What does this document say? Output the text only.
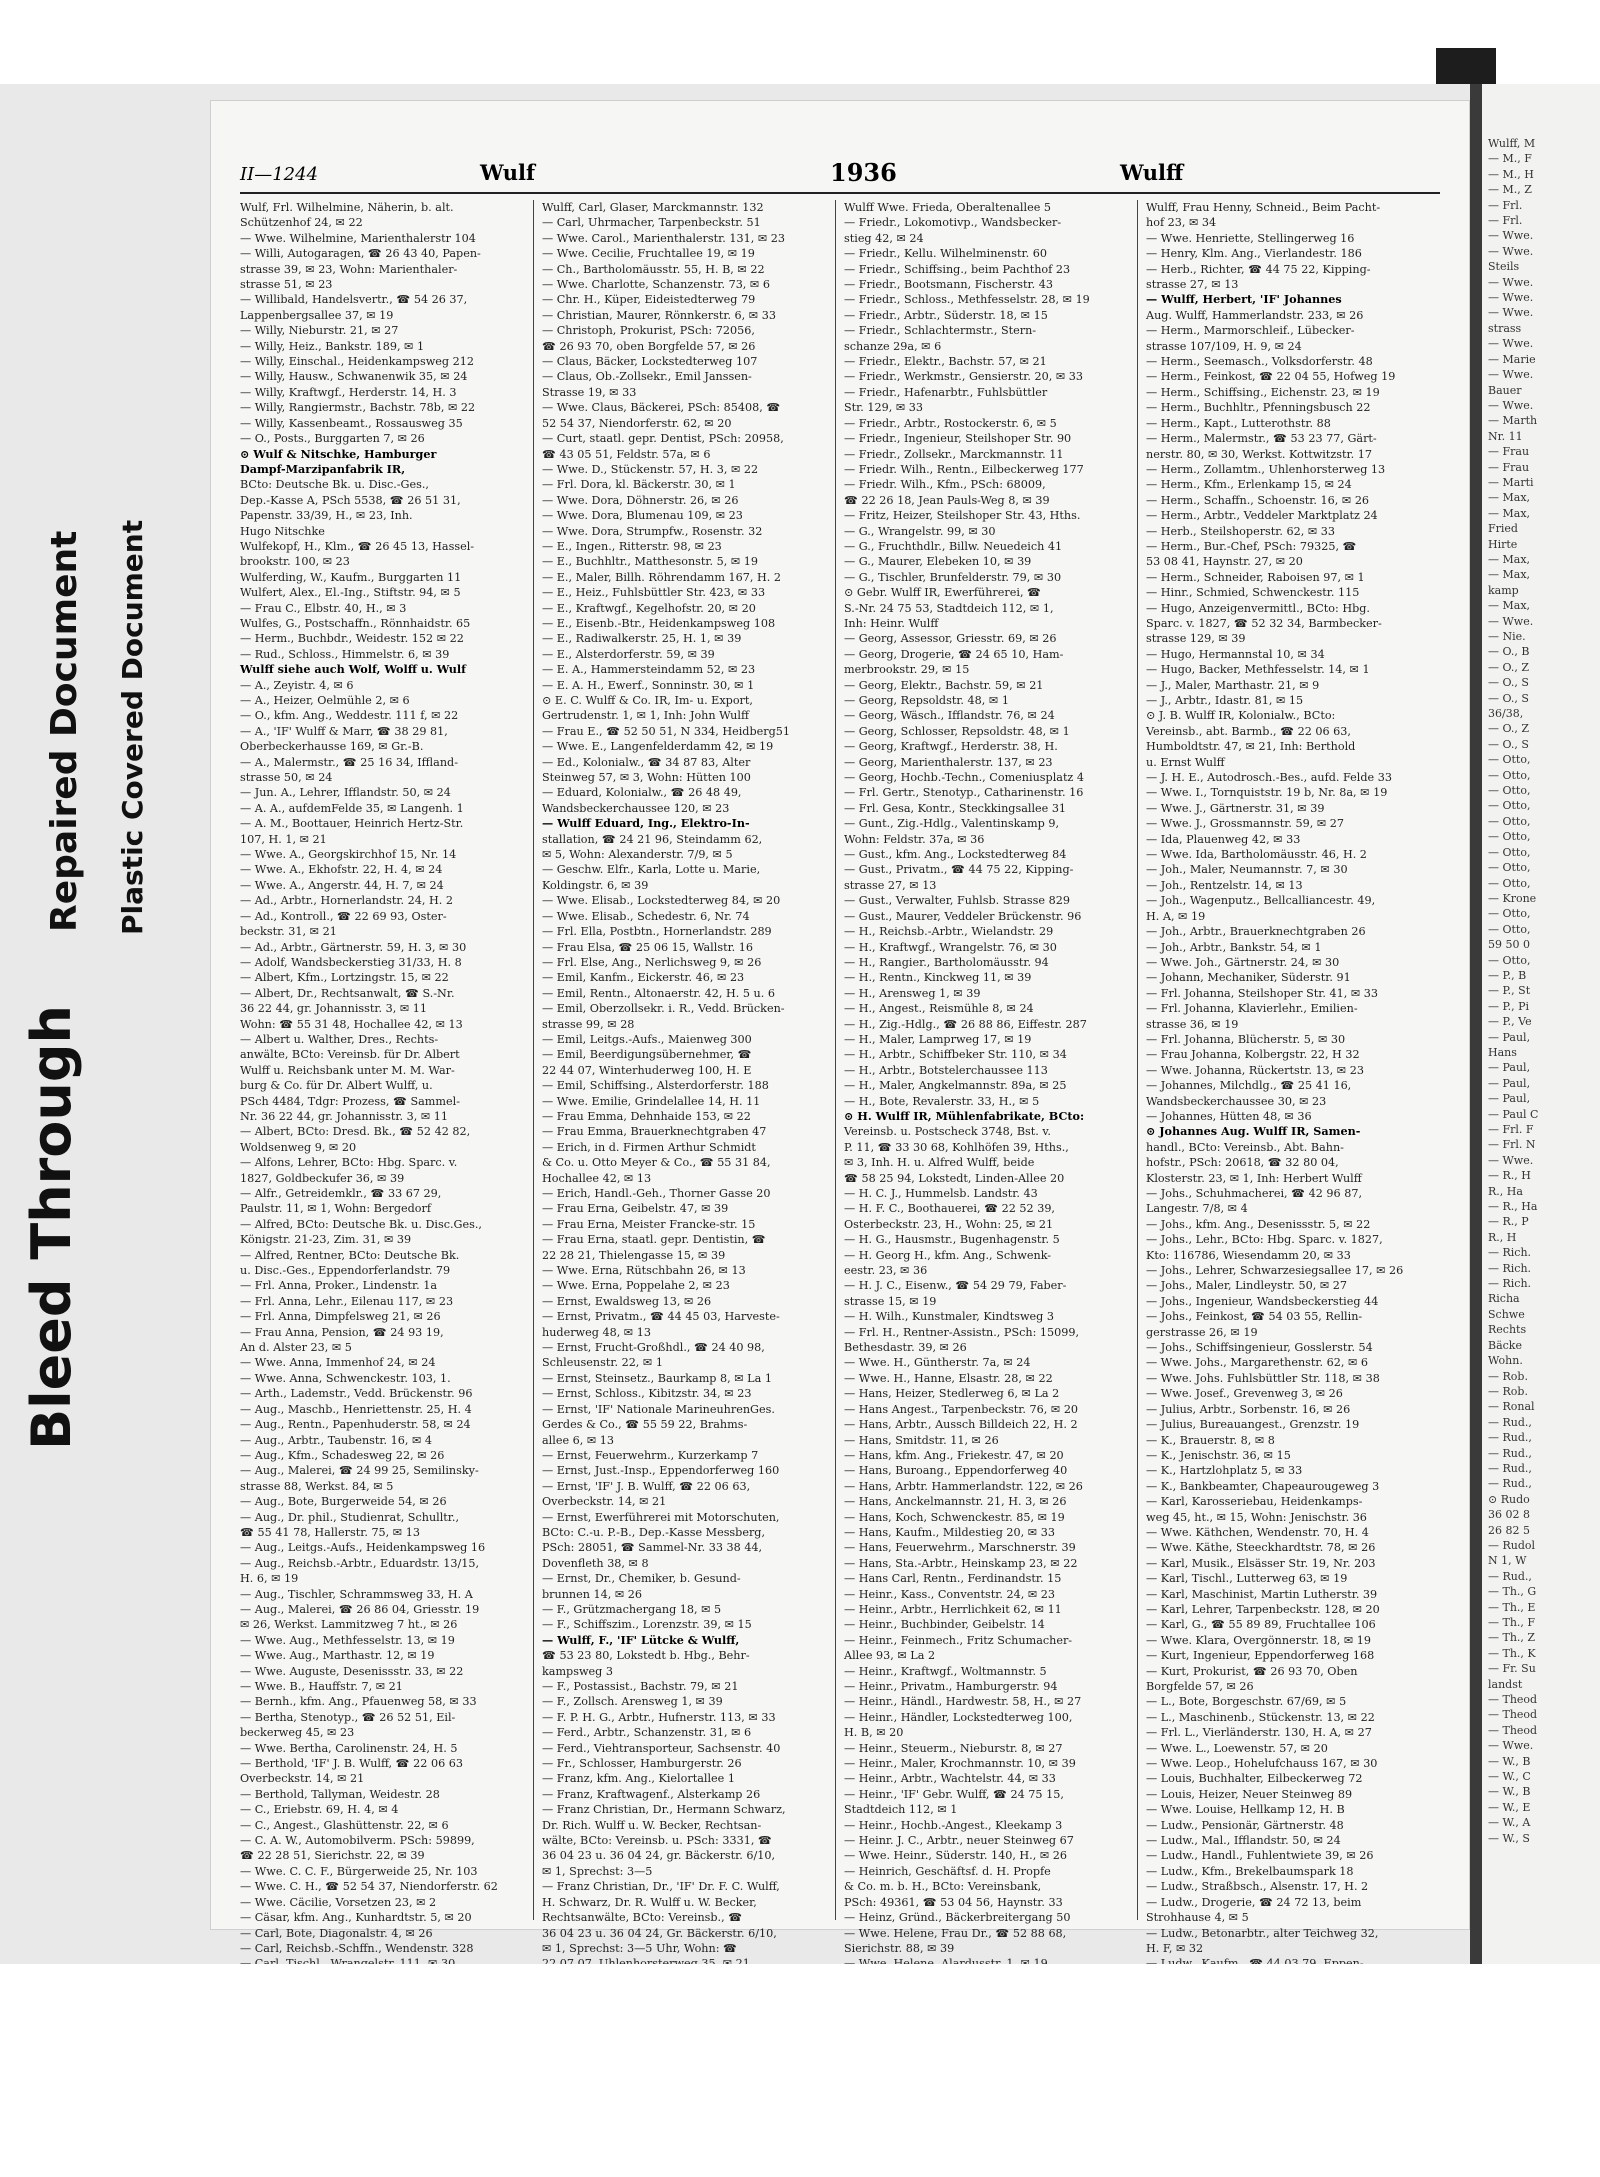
Bleed Through
Repaired Document Plastic Covered Document
II—1244	Wulf	1936	Wulff
Wulf, Frl. Wilhelmine, Näherin, b. alt.
Schützenhof 24, ✉ 22
— Wwe. Wilhelmine, Marienthalerstr 104
— Willi, Autogaragen, ☎ 26 43 40, Papen-
strasse 39, ✉ 23, Wohn: Marienthaler-
strasse 51, ✉ 23
— Willibald, Handelsvertr., ☎ 54 26 37,
Lappenbergsallee 37, ✉ 19
— Willy, Nieburstr. 21, ✉ 27
— Willy, Heiz., Bankstr. 189, ✉ 1
— Willy, Einschal., Heidenkampsweg 212
— Willy, Hausw., Schwanenwik 35, ✉ 24
— Willy, Kraftwgf., Herderstr. 14, H. 3
— Willy, Rangiermstr., Bachstr. 78b, ✉ 22
— Willy, Kassenbeamt., Rossausweg 35
— O., Posts., Burggarten 7, ✉ 26
⊙ Wulf & Nitschke, Hamburger
Dampf-Marzipanfabrik IR,
BCto: Deutsche Bk. u. Disc.-Ges.,
Dep.-Kasse A, PSch 5538, ☎ 26 51 31,
Papenstr. 33/39, H., ✉ 23, Inh.
Hugo Nitschke
Wulfekopf, H., Klm., ☎ 26 45 13, Hassel-
brookstr. 100, ✉ 23
Wulferding, W., Kaufm., Burggarten 11
Wulfert, Alex., El.-Ing., Stiftstr. 94, ✉ 5
— Frau C., Elbstr. 40, H., ✉ 3
Wulfes, G., Postschaffn., Rönnhaidstr. 65
— Herm., Buchbdr., Weidestr. 152 ✉ 22
— Rud., Schloss., Himmelstr. 6, ✉ 39
Wulff siehe auch Wolf, Wolff u. Wulf
— A., Zeyistr. 4, ✉ 6
— A., Heizer, Oelmühle 2, ✉ 6
— O., kfm. Ang., Weddestr. 111 f, ✉ 22
— A., 'IF' Wulff & Marr, ☎ 38 29 81,
Oberbeckerhausse 169, ✉ Gr.-B.
— A., Malermstr., ☎ 25 16 34, Iffland-
strasse 50, ✉ 24
— Jun. A., Lehrer, Ifflandstr. 50, ✉ 24
— A. A., aufdemFelde 35, ✉ Langenh. 1
— A. M., Boottauer, Heinrich Hertz-Str.
107, H. 1, ✉ 21
— Wwe. A., Georgskirchhof 15, Nr. 14
— Wwe. A., Ekhofstr. 22, H. 4, ✉ 24
— Wwe. A., Angerstr. 44, H. 7, ✉ 24
— Ad., Arbtr., Hornerlandstr. 24, H. 2
— Ad., Kontroll., ☎ 22 69 93, Oster-
beckstr. 31, ✉ 21
— Ad., Arbtr., Gärtnerstr. 59, H. 3, ✉ 30
— Adolf, Wandsbeckerstieg 31/33, H. 8
— Albert, Kfm., Lortzingstr. 15, ✉ 22
— Albert, Dr., Rechtsanwalt, ☎ S.-Nr.
36 22 44, gr. Johannisstr. 3, ✉ 11
Wohn: ☎ 55 31 48, Hochallee 42, ✉ 13
— Albert u. Walther, Dres., Rechts-
anwälte, BCto: Vereinsb. für Dr. Albert
Wulff u. Reichsbank unter M. M. War-
burg & Co. für Dr. Albert Wulff, u.
PSch 4484, Tdgr: Prozess, ☎ Sammel-
Nr. 36 22 44, gr. Johannisstr. 3, ✉ 11
— Albert, BCto: Dresd. Bk., ☎ 52 42 82,
Woldsenweg 9, ✉ 20
— Alfons, Lehrer, BCto: Hbg. Sparc. v.
1827, Goldbeckufer 36, ✉ 39
— Alfr., Getreidemklr., ☎ 33 67 29,
Paulstr. 11, ✉ 1, Wohn: Bergedorf
— Alfred, BCto: Deutsche Bk. u. Disc.Ges.,
Königstr. 21-23, Zim. 31, ✉ 39
— Alfred, Rentner, BCto: Deutsche Bk.
u. Disc.-Ges., Eppendorferlandstr. 79
— Frl. Anna, Proker., Lindenstr. 1a
— Frl. Anna, Lehr., Eilenau 117, ✉ 23
— Frl. Anna, Dimpfelsweg 21, ✉ 26
— Frau Anna, Pension, ☎ 24 93 19,
An d. Alster 23, ✉ 5
— Wwe. Anna, Immenhof 24, ✉ 24
— Wwe. Anna, Schwenckestr. 103, 1.
— Arth., Lademstr., Vedd. Brückenstr. 96
— Aug., Maschb., Henriettenstr. 25, H. 4
— Aug., Rentn., Papenhuderstr. 58, ✉ 24
— Aug., Arbtr., Taubenstr. 16, ✉ 4
— Aug., Kfm., Schadesweg 22, ✉ 26
— Aug., Malerei, ☎ 24 99 25, Semilinsky-
strasse 88, Werkst. 84, ✉ 5
— Aug., Bote, Burgerweide 54, ✉ 26
— Aug., Dr. phil., Studienrat, Schulltr.,
☎ 55 41 78, Hallerstr. 75, ✉ 13
— Aug., Leitgs.-Aufs., Heidenkampsweg 16
— Aug., Reichsb.-Arbtr., Eduardstr. 13/15,
H. 6, ✉ 19
— Aug., Tischler, Schrammsweg 33, H. A
— Aug., Malerei, ☎ 26 86 04, Griesstr. 19
✉ 26, Werkst. Lammitzweg 7 ht., ✉ 26
— Wwe. Aug., Methfesselstr. 13, ✉ 19
— Wwe. Aug., Marthastr. 12, ✉ 19
— Wwe. Auguste, Desenissstr. 33, ✉ 22
— Wwe. B., Hauffstr. 7, ✉ 21
— Bernh., kfm. Ang., Pfauenweg 58, ✉ 33
— Bertha, Stenotyp., ☎ 26 52 51, Eil-
beckerweg 45, ✉ 23
— Wwe. Bertha, Carolinenstr. 24, H. 5
— Berthold, 'IF' J. B. Wulff, ☎ 22 06 63
Overbeckstr. 14, ✉ 21
— Berthold, Tallyman, Weidestr. 28
— C., Eriebstr. 69, H. 4, ✉ 4
— C., Angest., Glashüttenstr. 22, ✉ 6
— C. A. W., Automobilverm. PSch: 59899,
☎ 22 28 51, Sierichstr. 22, ✉ 39
— Wwe. C. C. F., Bürgerweide 25, Nr. 103
— Wwe. C. H., ☎ 52 54 37, Niendorferstr. 62
— Wwe. Cäcilie, Vorsetzen 23, ✉ 2
— Cäsar, kfm. Ang., Kunhardtstr. 5, ✉ 20
— Carl, Bote, Diagonalstr. 4, ✉ 26
— Carl, Reichsb.-Schffn., Wendenstr. 328
Wulff, Carl, Glaser, Marckmannstr. 132
— Carl, Uhrmacher, Tarpenbeckstr. 51
— Wwe. Carol., Marienthalerstr. 131, ✉ 23
— Wwe. Cecilie, Fruchtallee 19, ✉ 19
— Ch., Bartholomäusstr. 55, H. B, ✉ 22
— Wwe. Charlotte, Schanzenstr. 73, ✉ 6
— Chr. H., Küper, Eideistedterweg 79
— Christian, Maurer, Rönnkerstr. 6, ✉ 33
— Christoph, Prokurist, PSch: 72056,
☎ 26 93 70, oben Borgfelde 57, ✉ 26
— Claus, Bäcker, Lockstedterweg 107
— Claus, Ob.-Zollsekr., Emil Janssen-
Strasse 19, ✉ 33
— Wwe. Claus, Bäckerei, PSch: 85408, ☎
52 54 37, Niendorferstr. 62, ✉ 20
— Curt, staatl. gepr. Dentist, PSch: 20958,
☎ 43 05 51, Feldstr. 57a, ✉ 6
— Wwe. D., Stückenstr. 57, H. 3, ✉ 22
— Frl. Dora, kl. Bäckerstr. 30, ✉ 1
— Wwe. Dora, Döhnerstr. 26, ✉ 26
— Wwe. Dora, Blumenau 109, ✉ 23
— Wwe. Dora, Strumpfw., Rosenstr. 32
— E., Ingen., Ritterstr. 98, ✉ 23
— E., Buchhltr., Matthesonstr. 5, ✉ 19
— E., Maler, Billh. Röhrendamm 167, H. 2
— E., Heiz., Fuhlsbüttler Str. 423, ✉ 33
— E., Kraftwgf., Kegelhofstr. 20, ✉ 20
— E., Eisenb.-Btr., Heidenkampsweg 108
— E., Radiwalkerstr. 25, H. 1, ✉ 39
— E., Alsterdorferstr. 59, ✉ 39
— E. A., Hammersteindamm 52, ✉ 23
— E. A. H., Ewerf., Sonninstr. 30, ✉ 1
⊙ E. C. Wulff & Co. IR, Im- u. Export,
Gertrudenstr. 1, ✉ 1, Inh: John Wulff
— Frau E., ☎ 52 50 51, N 334, Heidberg51
— Wwe. E., Langenfelderdamm 42, ✉ 19
— Ed., Kolonialw., ☎ 34 87 83, Alter
Steinweg 57, ✉ 3, Wohn: Hütten 100
— Eduard, Kolonialw., ☎ 26 48 49,
Wandsbeckerchaussee 120, ✉ 23
— Wulff Eduard, Ing., Elektro-In-
stallation, ☎ 24 21 96, Steindamm 62,
✉ 5, Wohn: Alexanderstr. 7/9, ✉ 5
— Geschw. Elfr., Karla, Lotte u. Marie,
Koldingstr. 6, ✉ 39
— Wwe. Elisab., Lockstedterweg 84, ✉ 20
— Wwe. Elisab., Schedestr. 6, Nr. 74
— Frl. Ella, Postbtn., Hornerlandstr. 289
— Frau Elsa, ☎ 25 06 15, Wallstr. 16
— Frl. Else, Ang., Nerlichsweg 9, ✉ 26
— Emil, Kanfm., Eickerstr. 46, ✉ 23
— Emil, Rentn., Altonaerstr. 42, H. 5 u. 6
— Emil, Oberzollsekr. i. R., Vedd. Brücken-
strasse 99, ✉ 28
— Emil, Leitgs.-Aufs., Maienweg 300
— Emil, Beerdigungsübernehmer, ☎
22 44 07, Winterhuderweg 100, H. E
— Emil, Schiffsing., Alsterdorferstr. 188
— Wwe. Emilie, Grindelallee 14, H. 11
— Frau Emma, Dehnhaide 153, ✉ 22
— Frau Emma, Brauerknechtgraben 47
— Erich, in d. Firmen Arthur Schmidt
& Co. u. Otto Meyer & Co., ☎ 55 31 84,
Hochallee 42, ✉ 13
— Erich, Handl.-Geh., Thorner Gasse 20
— Frau Erna, Geibelstr. 47, ✉ 39
— Frau Erna, Meister Francke-str. 15
— Frau Erna, staatl. gepr. Dentistin, ☎
22 28 21, Thielengasse 15, ✉ 39
— Wwe. Erna, Rütschbahn 26, ✉ 13
— Wwe. Erna, Poppelahe 2, ✉ 23
— Ernst, Ewaldsweg 13, ✉ 26
— Ernst, Privatm., ☎ 44 45 03, Harveste-
huderweg 48, ✉ 13
— Ernst, Frucht-Großhdl., ☎ 24 40 98,
Schleusenstr. 22, ✉ 1
— Ernst, Steinsetz., Baurkamp 8, ✉ La 1
— Ernst, Schloss., Kibitzstr. 34, ✉ 23
— Ernst, 'IF' Nationale MarineuhrenGes.
Gerdes & Co., ☎ 55 59 22, Brahms-
allee 6, ✉ 13
— Ernst, Feuerwehrm., Kurzerkamp 7
— Ernst, Just.-Insp., Eppendorferweg 160
— Ernst, 'IF' J. B. Wulff, ☎ 22 06 63,
Overbeckstr. 14, ✉ 21
— Ernst, Ewerführerei mit Motorschuten,
BCto: C.-u. P.-B., Dep.-Kasse Messberg,
PSch: 28051, ☎ Sammel-Nr. 33 38 44,
Dovenfleth 38, ✉ 8
— Ernst, Dr., Chemiker, b. Gesund-
brunnen 14, ✉ 26
— F., Grützmachergang 18, ✉ 5
— F., Schiffszim., Lorenzstr. 39, ✉ 15
— Wulff, F., 'IF' Lütcke & Wulff,
☎ 53 23 80, Lokstedt b. Hbg., Behr-
kampsweg 3
— F., Postassist., Bachstr. 79, ✉ 21
— F., Zollsch. Arensweg 1, ✉ 39
— F. P. H. G., Arbtr., Hufnerstr. 113, ✉ 33
— Ferd., Arbtr., Schanzenstr. 31, ✉ 6
— Ferd., Viehtransporteur, Sachsenstr. 40
— Fr., Schlosser, Hamburgerstr. 26
— Franz, kfm. Ang., Kielortallee 1
— Franz, Kraftwagenf., Alsterkamp 26
— Franz Christian, Dr., Hermann Schwarz,
Dr. Rich. Wulff u. W. Becker, Rechtsan-
wälte, BCto: Vereinsb. u. PSch: 3331, ☎
36 04 23 u. 36 04 24, gr. Bäckerstr. 6/10,
✉ 1, Sprechst: 3—5
— Franz Christian, Dr., 'IF' Dr. F. C. Wulff,
H. Schwarz, Dr. R. Wulff u. W. Becker,
Rechtsanwälte, BCto: Vereinsb., ☎
36 04 23 u. 36 04 24, Gr. Bäckerstr. 6/10,
✉ 1, Sprechst: 3—5 Uhr, Wohn: ☎
Wulff Wwe. Frieda, Oberaltenallee 5
— Friedr., Lokomotivp., Wandsbecker-
stieg 42, ✉ 24
— Friedr., Kellu. Wilhelminenstr. 60
— Friedr., Schiffsing., beim Pachthof 23
— Friedr., Bootsmann, Fischerstr. 43
— Friedr., Schloss., Methfesselstr. 28, ✉ 19
— Friedr., Arbtr., Süderstr. 18, ✉ 15
— Friedr., Schlachtermstr., Stern-
schanze 29a, ✉ 6
— Friedr., Elektr., Bachstr. 57, ✉ 21
— Friedr., Werkmstr., Gensierstr. 20, ✉ 33
— Friedr., Hafenarbtr., Fuhlsbüttler
Str. 129, ✉ 33
— Friedr., Arbtr., Rostockerstr. 6, ✉ 5
— Friedr., Ingenieur, Steilshoper Str. 90
— Friedr., Zollsekr., Marckmannstr. 11
— Friedr. Wilh., Rentn., Eilbeckerweg 177
— Friedr. Wilh., Kfm., PSch: 68009,
☎ 22 26 18, Jean Pauls-Weg 8, ✉ 39
— Fritz, Heizer, Steilshoper Str. 43, Hths.
— G., Wrangelstr. 99, ✉ 30
— G., Fruchthdlr., Billw. Neuedeich 41
— G., Maurer, Elebeken 10, ✉ 39
— G., Tischler, Brunfelderstr. 79, ✉ 30
⊙ Gebr. Wulff IR, Ewerführerei, ☎
S.-Nr. 24 75 53, Stadtdeich 112, ✉ 1,
Inh: Heinr. Wulff
— Georg, Assessor, Griesstr. 69, ✉ 26
— Georg, Drogerie, ☎ 24 65 10, Ham-
merbrookstr. 29, ✉ 15
— Georg, Elektr., Bachstr. 59, ✉ 21
— Georg, Repsoldstr. 48, ✉ 1
— Georg, Wäsch., Ifflandstr. 76, ✉ 24
— Georg, Schlosser, Repsoldstr. 48, ✉ 1
— Georg, Kraftwgf., Herderstr. 38, H.
— Georg, Marienthalerstr. 137, ✉ 23
— Georg, Hochb.-Techn., Comeniusplatz 4
— Frl. Gertr., Stenotyp., Catharinenstr. 16
— Frl. Gesa, Kontr., Steckkingsallee 31
— Gunt., Zig.-Hdlg., Valentinskamp 9,
Wohn: Feldstr. 37a, ✉ 36
— Gust., kfm. Ang., Lockstedterweg 84
— Gust., Privatm., ☎ 44 75 22, Kipping-
strasse 27, ✉ 13
— Gust., Verwalter, Fuhlsb. Strasse 829
— Gust., Maurer, Veddeler Brückenstr. 96
— H., Reichsb.-Arbtr., Wielandstr. 29
— H., Kraftwgf., Wrangelstr. 76, ✉ 30
— H., Rangier., Bartholomäusstr. 94
— H., Rentn., Kinckweg 11, ✉ 39
— H., Arensweg 1, ✉ 39
— H., Angest., Reismühle 8, ✉ 24
— H., Zig.-Hdlg., ☎ 26 88 86, Eiffestr. 287
— H., Maler, Lamprweg 17, ✉ 19
— H., Arbtr., Schiffbeker Str. 110, ✉ 34
— H., Arbtr., Botstelerchaussee 113
— H., Maler, Angkelmannstr. 89a, ✉ 25
— H., Bote, Revalerstr. 33, H., ✉ 5
⊙ H. Wulff IR, Mühlenfabrikate, BCto:
Vereinsb. u. Postscheck 3748, Bst. v.
P. 11, ☎ 33 30 68, Kohlhöfen 39, Hths.,
✉ 3, Inh. H. u. Alfred Wulff, beide
☎ 58 25 94, Lokstedt, Linden-Allee 20
— H. C. J., Hummelsb. Landstr. 43
— H. F. C., Boothauerei, ☎ 22 52 39,
Osterbeckstr. 23, H., Wohn: 25, ✉ 21
— H. G., Hausmstr., Bugenhagenstr. 5
— H. Georg H., kfm. Ang., Schwenk-
eestr. 23, ✉ 36
— H. J. C., Eisenw., ☎ 54 29 79, Faber-
strasse 15, ✉ 19
— H. Wilh., Kunstmaler, Kindtsweg 3
— Frl. H., Rentner-Assistn., PSch: 15099,
Bethesdastr. 39, ✉ 26
— Wwe. H., Güntherstr. 7a, ✉ 24
— Wwe. H., Hanne, Elsastr. 28, ✉ 22
— Hans, Heizer, Stedlerweg 6, ✉ La 2
— Hans Angest., Tarpenbeckstr. 76, ✉ 20
— Hans, Arbtr., Aussch Billdeich 22, H. 2
— Hans, Smitdstr. 11, ✉ 26
— Hans, kfm. Ang., Friekestr. 47, ✉ 20
— Hans, Buroang., Eppendorferweg 40
— Hans, Arbtr. Hammerlandstr. 122, ✉ 26
— Hans, Anckelmannstr. 21, H. 3, ✉ 26
— Hans, Koch, Schwenckestr. 85, ✉ 19
— Hans, Kaufm., Mildestieg 20, ✉ 33
— Hans, Feuerwehrm., Marschnerstr. 39
— Hans, Sta.-Arbtr., Heinskamp 23, ✉ 22
— Hans Carl, Rentn., Ferdinandstr. 15
— Heinr., Kass., Conventstr. 24, ✉ 23
— Heinr., Arbtr., Herrlichkeit 62, ✉ 11
— Heinr., Buchbinder, Geibelstr. 14
— Heinr., Feinmech., Fritz Schumacher-
Allee 93, ✉ La 2
— Heinr., Kraftwgf., Woltmannstr. 5
— Heinr., Privatm., Hamburgerstr. 94
— Heinr., Händl., Hardwestr. 58, H., ✉ 27
— Heinr., Händler, Lockstedterweg 100,
H. B, ✉ 20
— Heinr., Steuerm., Nieburstr. 8, ✉ 27
— Heinr., Maler, Krochmannstr. 10, ✉ 39
— Heinr., Arbtr., Wachtelstr. 44, ✉ 33
— Heinr., 'IF' Gebr. Wulff, ☎ 24 75 15,
Stadtdeich 112, ✉ 1
— Heinr., Hochb.-Angest., Kleekamp 3
— Heinr. J. C., Arbtr., neuer Steinweg 67
— Wwe. Heinr., Süderstr. 140, H., ✉ 26
— Heinrich, Geschäftsf. d. H. Propfe
& Co. m. b. H., BCto: Vereinsbank,
PSch: 49361, ☎ 53 04 56, Haynstr. 33
— Heinz, Gründ., Bäckerbreitergang 50
— Wwe. Helene, Frau Dr., ☎ 52 88 68,
Sierichstr. 88, ✉ 39
Wulff, Frau Henny, Schneid., Beim Pacht-
hof 23, ✉ 34
— Wwe. Henriette, Stellingerweg 16
— Henry, Klm. Ang., Vierlandestr. 186
— Herb., Richter, ☎ 44 75 22, Kipping-
strasse 27, ✉ 13
— Wulff, Herbert, 'IF' Johannes
Aug. Wulff, Hammerlandstr. 233, ✉ 26
— Herm., Marmorschleif., Lübecker-
strasse 107/109, H. 9, ✉ 24
— Herm., Seemasch., Volksdorferstr. 48
— Herm., Feinkost, ☎ 22 04 55, Hofweg 19
— Herm., Schiffsing., Eichenstr. 23, ✉ 19
— Herm., Buchhltr., Pfenningsbusch 22
— Herm., Kapt., Lutterothstr. 88
— Herm., Malermstr., ☎ 53 23 77, Gärt-
nerstr. 80, ✉ 30, Werkst. Kottwitzstr. 17
— Herm., Zollamtm., Uhlenhorsterweg 13
— Herm., Kfm., Erlenkamp 15, ✉ 24
— Herm., Schaffn., Schoenstr. 16, ✉ 26
— Herm., Arbtr., Veddeler Marktplatz 24
— Herb., Steilshoperstr. 62, ✉ 33
— Herm., Bur.-Chef, PSch: 79325, ☎
53 08 41, Haynstr. 27, ✉ 20
— Herm., Schneider, Raboisen 97, ✉ 1
— Hinr., Schmied, Schwenckestr. 115
— Hugo, Anzeigenvermittl., BCto: Hbg.
Sparc. v. 1827, ☎ 52 32 34, Barmbecker-
strasse 129, ✉ 39
— Hugo, Hermannstal 10, ✉ 34
— Hugo, Backer, Methfesselstr. 14, ✉ 1
— J., Maler, Marthastr. 21, ✉ 9
— J., Arbtr., Idastr. 81, ✉ 15
⊙ J. B. Wulff IR, Kolonialw., BCto:
Vereinsb., abt. Barmb., ☎ 22 06 63,
Humboldtstr. 47, ✉ 21, Inh: Berthold
u. Ernst Wulff
— J. H. E., Autodrosch.-Bes., aufd. Felde 33
— Wwe. I., Tornquiststr. 19 b, Nr. 8a, ✉ 19
— Wwe. J., Gärtnerstr. 31, ✉ 39
— Wwe. J., Grossmannstr. 59, ✉ 27
— Ida, Plauenweg 42, ✉ 33
— Wwe. Ida, Bartholomäusstr. 46, H. 2
— Joh., Maler, Neumannstr. 7, ✉ 30
— Joh., Rentzelstr. 14, ✉ 13
— Joh., Wagenputz., Bellcalliancestr. 49,
H. A, ✉ 19
— Joh., Arbtr., Brauerknechtgraben 26
— Joh., Arbtr., Bankstr. 54, ✉ 1
— Wwe. Joh., Gärtnerstr. 24, ✉ 30
— Johann, Mechaniker, Süderstr. 91
— Frl. Johanna, Steilshoper Str. 41, ✉ 33
— Frl. Johanna, Klavierlehr., Emilien-
strasse 36, ✉ 19
— Frl. Johanna, Blücherstr. 5, ✉ 30
— Frau Johanna, Kolbergstr. 22, H 32
— Wwe. Johanna, Rückertstr. 13, ✉ 23
— Johannes, Milchdlg., ☎ 25 41 16,
Wandsbeckerchaussee 30, ✉ 23
— Johannes, Hütten 48, ✉ 36
⊙ Johannes Aug. Wulff IR, Samen-
handl., BCto: Vereinsb., Abt. Bahn-
hofstr., PSch: 20618, ☎ 32 80 04,
Klosterstr. 23, ✉ 1, Inh: Herbert Wulff
— Johs., Schuhmacherei, ☎ 42 96 87,
Langestr. 7/8, ✉ 4
— Johs., kfm. Ang., Desenissstr. 5, ✉ 22
— Johs., Lehr., BCto: Hbg. Sparc. v. 1827,
Kto: 116786, Wiesendamm 20, ✉ 33
— Johs., Lehrer, Schwarzesiegsallee 17, ✉ 26
— Johs., Maler, Lindleystr. 50, ✉ 27
— Johs., Ingenieur, Wandsbeckerstieg 44
— Johs., Feinkost, ☎ 54 03 55, Rellin-
gerstrasse 26, ✉ 19
— Johs., Schiffsingenieur, Gosslerstr. 54
— Wwe. Johs., Margarethenstr. 62, ✉ 6
— Wwe. Johs. Fuhlsbüttler Str. 118, ✉ 38
— Wwe. Josef., Grevenweg 3, ✉ 26
— Julius, Arbtr., Sorbenstr. 16, ✉ 26
— Julius, Bureauangest., Grenzstr. 19
— K., Brauerstr. 8, ✉ 8
— K., Jenischstr. 36, ✉ 15
— K., Hartzlohplatz 5, ✉ 33
— K., Bankbeamter, Chapeaurougeweg 3
— Karl, Karosseriebau, Heidenkamps-
weg 45, ht., ✉ 15, Wohn: Jenischstr. 36
— Wwe. Käthchen, Wendenstr. 70, H. 4
— Wwe. Käthe, Steeckhardtstr. 78, ✉ 26
— Karl, Musik., Elsässer Str. 19, Nr. 203
— Karl, Tischl., Lutterweg 63, ✉ 19
— Karl, Maschinist, Martin Lutherstr. 39
— Karl, Lehrer, Tarpenbeckstr. 128, ✉ 20
— Karl, G., ☎ 55 89 89, Fruchtallee 106
— Wwe. Klara, Overgönnerstr. 18, ✉ 19
— Kurt, Ingenieur, Eppendorferweg 168
— Kurt, Prokurist, ☎ 26 93 70, Oben
Borgfelde 57, ✉ 26
— L., Bote, Borgeschstr. 67/69, ✉ 5
— L., Maschinenb., Stückenstr. 13, ✉ 22
— Frl. L., Vierländerstr. 130, H. A, ✉ 27
— Wwe. L., Loewenstr. 57, ✉ 20
— Wwe. Leop., Hohelufchauss 167, ✉ 30
— Louis, Buchhalter, Eilbeckerweg 72
— Louis, Heizer, Neuer Steinweg 89
— Wwe. Louise, Hellkamp 12, H. B
— Ludw., Pensionär, Gärtnerstr. 48
— Ludw., Mal., Ifflandstr. 50, ✉ 24
— Ludw., Handl., Fuhlentwiete 39, ✉ 26
— Ludw., Kfm., Brekelbaumspark 18
— Ludw., Straßbsch., Alsenstr. 17, H. 2
— Ludw., Drogerie, ☎ 24 72 13, beim
Strohhause 4, ✉ 5
— Ludw., Betonarbtr., alter Teichweg 32,
H. F, ✉ 32
Wulff, M
— M., F
— M., H
— M., Z
— Frl.
— Frl.
— Wwe.
— Wwe.
Steils
— Wwe.
— Wwe.
— Wwe.
strass
— Wwe.
— Marie
— Wwe.
Bauer
— Wwe.
— Marth
Nr. 11
— Frau
— Frau
— Marti
— Max,
— Max,
Fried
Hirte
— Max,
— Max,
kamp
— Max,
— Wwe.
— Nie.
— O., B
— O., Z
— O., S
— O., S
36/38,
— O., Z
— O., S
— Otto,
— Otto,
— Otto,
— Otto,
— Otto,
— Otto,
— Otto,
— Otto,
— Otto,
— Krone
— Otto,
— Otto,
59 50 0
— Otto,
— P., B
— P., St
— P., Pi
— P., Ve
— Paul,
Hans
— Paul,
— Paul,
— Paul,
— Paul C
— Frl. F
— Frl. N
— Wwe.
— R., H
R., Ha
— R., Ha
— R., P
R., H
— Rich.
— Rich.
— Rich.
Richa
Schwe
Rechts
Bäcke
Wohn.
— Rob.
— Rob.
— Ronal
— Rud.,
— Rud.,
— Rud.,
— Rud.,
— Rud.,
⊙ Rudo
36 02 8
26 82 5
— Rudol
N 1, W
— Rud.,
— Th., G
— Th., E
— Th., F
— Th., Z
— Th., K
— Fr. Su
landst
— Theod
— Theod
— Theod
— Wwe.
— W., B
— W., C
— W., B
— W., E
— W., A
— W., S
